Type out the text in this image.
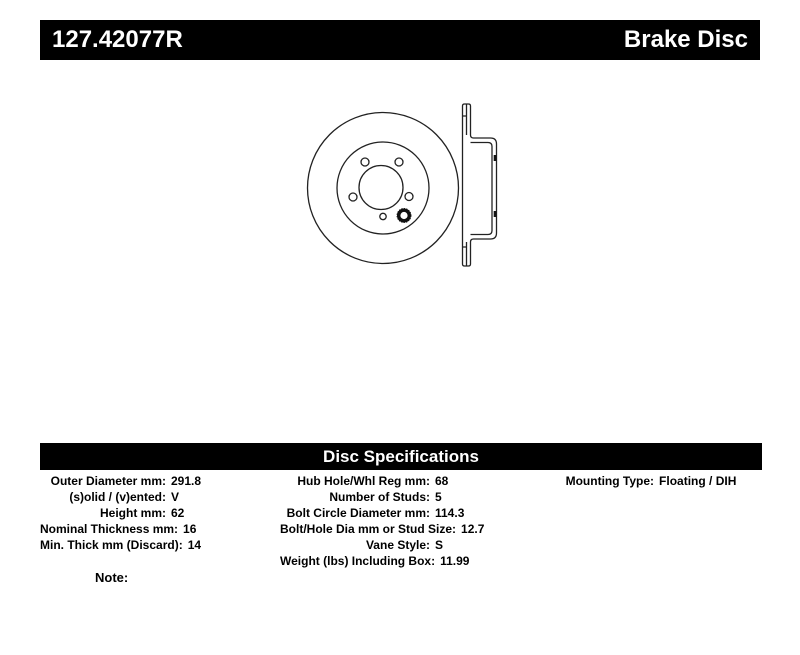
127.42077R	Brake Disc
Disc Specifications
Outer Diameter mm: 291.8
(s)olid / (v)ented: V
Height mm: 62
Nominal Thickness mm: 16
Min. Thick mm (Discard): 14
Hub Hole/Whl Reg mm: 68
Number of Studs: 5
Bolt Circle Diameter mm: 114.3
Bolt/Hole Dia mm or Stud Size: 12.7
Vane Style: S
Weight (lbs) Including Box: 11.99
Mounting Type: Floating / DIH
Note:
